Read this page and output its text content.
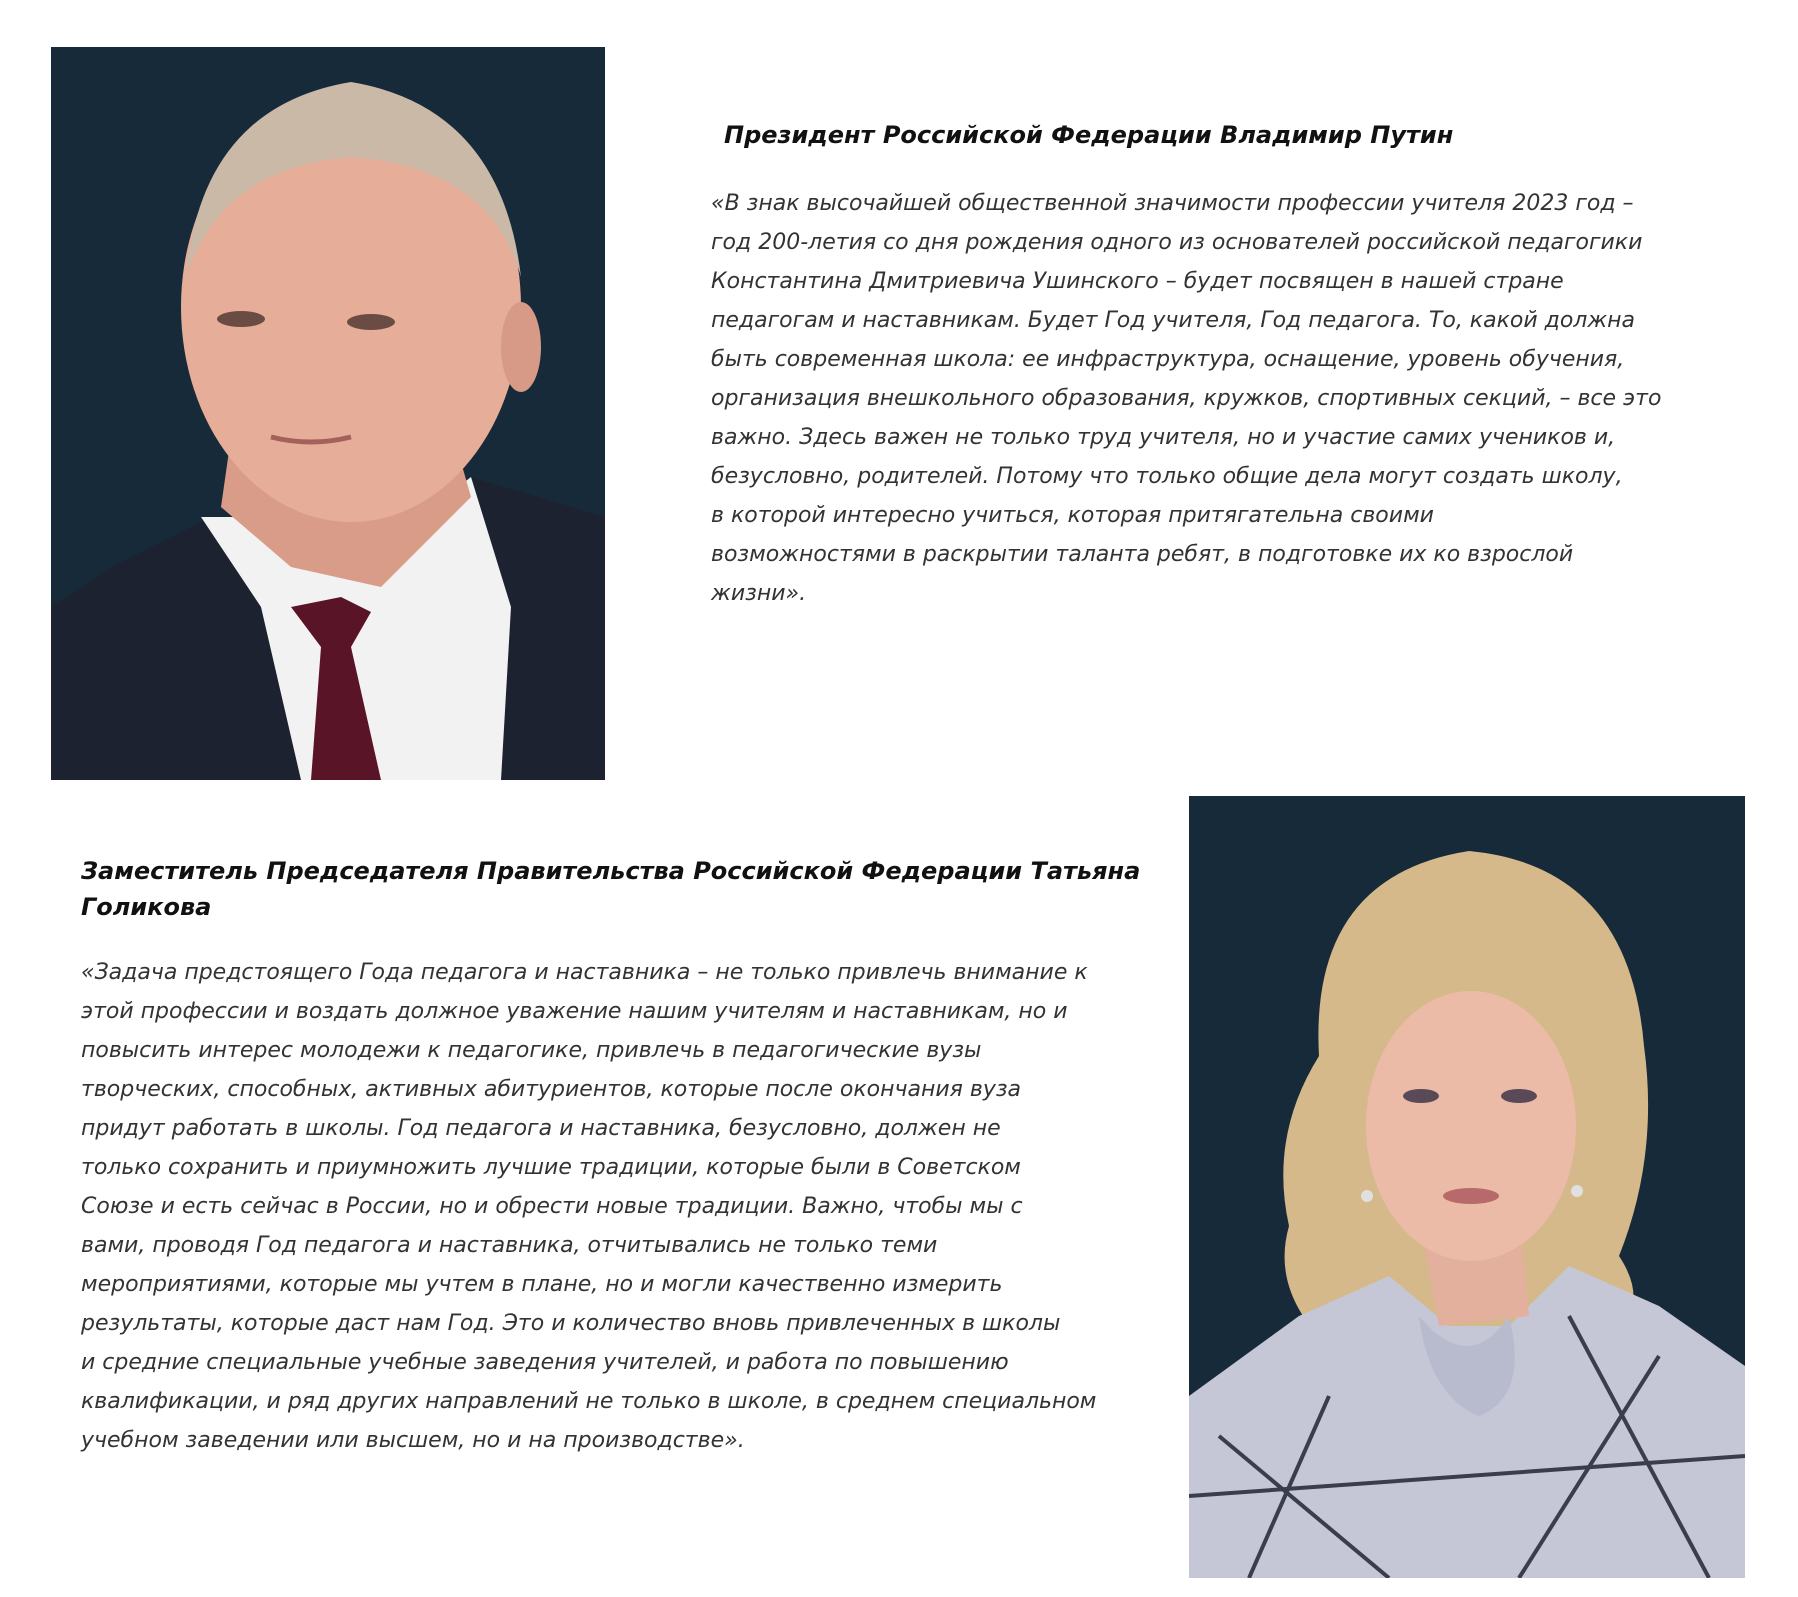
Президент Российской Федерации Владимир Путин

«В знак высочайшей общественной значимости профессии учителя 2023 год –
год 200-летия со дня рождения одного из основателей российской педагогики
Константина Дмитриевича Ушинского – будет посвящен в нашей стране
педагогам и наставникам. Будет Год учителя, Год педагога. То, какой должна
быть современная школа: ее инфраструктура, оснащение, уровень обучения,
организация внешкольного образования, кружков, спортивных секций, – все это
важно. Здесь важен не только труд учителя, но и участие самих учеников и,
безусловно, родителей. Потому что только общие дела могут создать школу,
в которой интересно учиться, которая притягательна своими
возможностями в раскрытии таланта ребят, в подготовке их ко взрослой
жизни».

Заместитель Председателя Правительства Российской Федерации Татьяна
Голикова

«Задача предстоящего Года педагога и наставника – не только привлечь внимание к
этой профессии и воздать должное уважение нашим учителям и наставникам, но и
повысить интерес молодежи к педагогике, привлечь в педагогические вузы
творческих, способных, активных абитуриентов, которые после окончания вуза
придут работать в школы. Год педагога и наставника, безусловно, должен не
только сохранить и приумножить лучшие традиции, которые были в Советском
Союзе и есть сейчас в России, но и обрести новые традиции. Важно, чтобы мы с
вами, проводя Год педагога и наставника, отчитывались не только теми
мероприятиями, которые мы учтем в плане, но и могли качественно измерить
результаты, которые даст нам Год. Это и количество вновь привлеченных в школы
и средние специальные учебные заведения учителей, и работа по повышению
квалификации, и ряд других направлений не только в школе, в среднем специальном
учебном заведении или высшем, но и на производстве».
